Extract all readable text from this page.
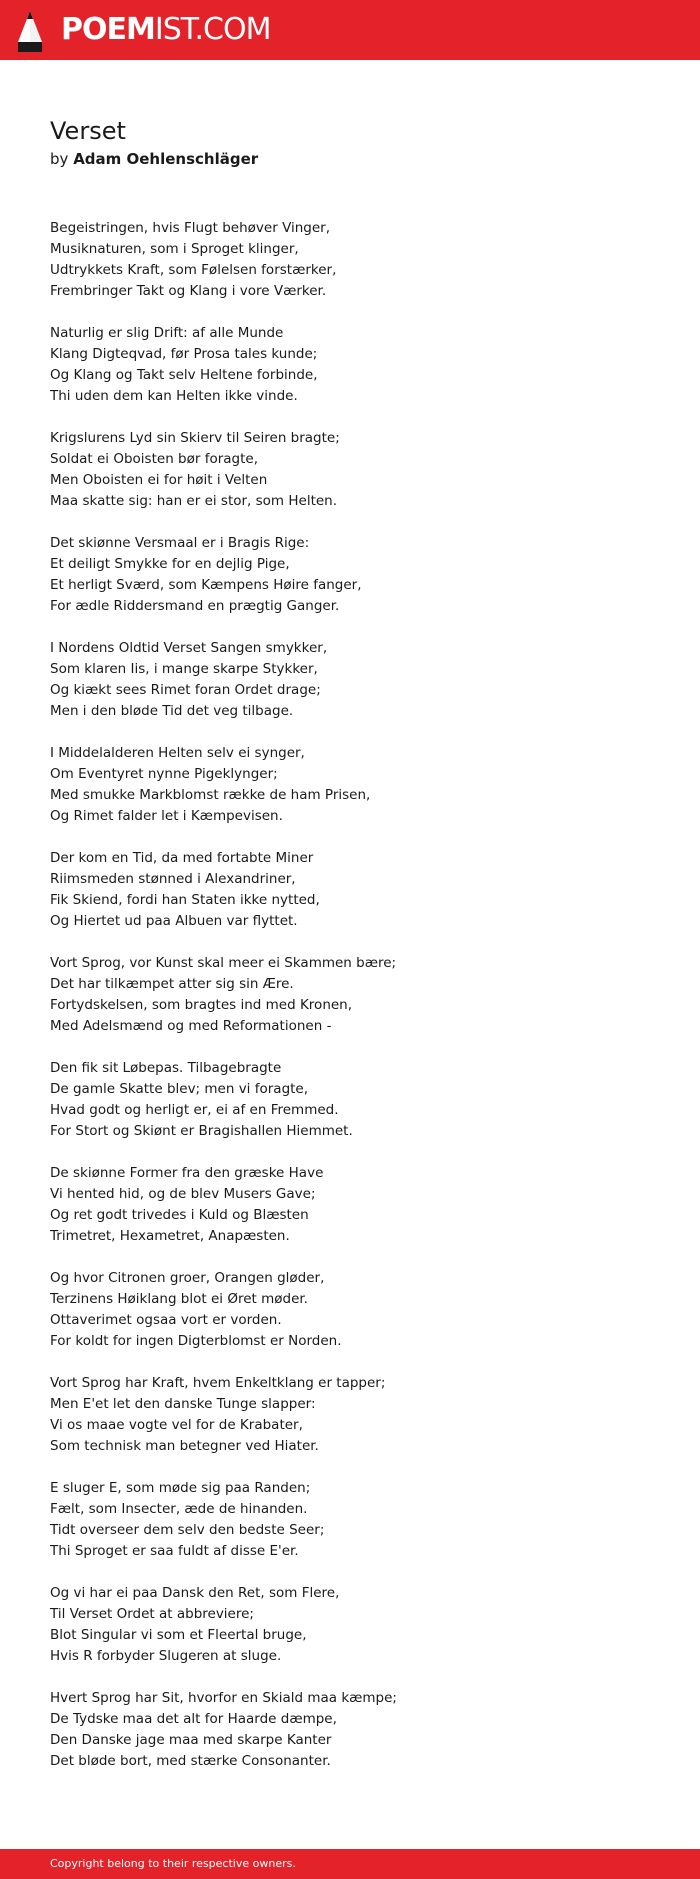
POEMIST.COM
Verset
by Adam Oehlenschläger
Begeistringen, hvis Flugt behøver Vinger,
Musiknaturen, som i Sproget klinger,
Udtrykkets Kraft, som Følelsen forstærker,
Frembringer Takt og Klang i vore Værker.
Naturlig er slig Drift: af alle Munde
Klang Digteqvad, før Prosa tales kunde;
Og Klang og Takt selv Heltene forbinde,
Thi uden dem kan Helten ikke vinde.
Krigslurens Lyd sin Skierv til Seiren bragte;
Soldat ei Oboisten bør foragte,
Men Oboisten ei for høit i Velten
Maa skatte sig: han er ei stor, som Helten.
Det skiønne Versmaal er i Bragis Rige:
Et deiligt Smykke for en dejlig Pige,
Et herligt Sværd, som Kæmpens Høire fanger,
For ædle Riddersmand en prægtig Ganger.
I Nordens Oldtid Verset Sangen smykker,
Som klaren Iis, i mange skarpe Stykker,
Og kiækt sees Rimet foran Ordet drage;
Men i den bløde Tid det veg tilbage.
I Middelalderen Helten selv ei synger,
Om Eventyret nynne Pigeklynger;
Med smukke Markblomst række de ham Prisen,
Og Rimet falder let i Kæmpevisen.
Der kom en Tid, da med fortabte Miner
Riimsmeden stønned i Alexandriner,
Fik Skiend, fordi han Staten ikke nytted,
Og Hiertet ud paa Albuen var flyttet.
Vort Sprog, vor Kunst skal meer ei Skammen bære;
Det har tilkæmpet atter sig sin Ære.
Fortydskelsen, som bragtes ind med Kronen,
Med Adelsmænd og med Reformationen -
Den fik sit Løbepas. Tilbagebragte
De gamle Skatte blev; men vi foragte,
Hvad godt og herligt er, ei af en Fremmed.
For Stort og Skiønt er Bragishallen Hiemmet.
De skiønne Former fra den græske Have
Vi hented hid, og de blev Musers Gave;
Og ret godt trivedes i Kuld og Blæsten
Trimetret, Hexametret, Anapæsten.
Og hvor Citronen groer, Orangen gløder,
Terzinens Høiklang blot ei Øret møder.
Ottaverimet ogsaa vort er vorden.
For koldt for ingen Digterblomst er Norden.
Vort Sprog har Kraft, hvem Enkeltklang er tapper;
Men E'et let den danske Tunge slapper:
Vi os maae vogte vel for de Krabater,
Som technisk man betegner ved Hiater.
E sluger E, som møde sig paa Randen;
Fælt, som Insecter, æde de hinanden.
Tidt overseer dem selv den bedste Seer;
Thi Sproget er saa fuldt af disse E'er.
Og vi har ei paa Dansk den Ret, som Flere,
Til Verset Ordet at abbreviere;
Blot Singular vi som et Fleertal bruge,
Hvis R forbyder Slugeren at sluge.
Hvert Sprog har Sit, hvorfor en Skiald maa kæmpe;
De Tydske maa det alt for Haarde dæmpe,
Den Danske jage maa med skarpe Kanter
Det bløde bort, med stærke Consonanter.
Copyright belong to their respective owners.
